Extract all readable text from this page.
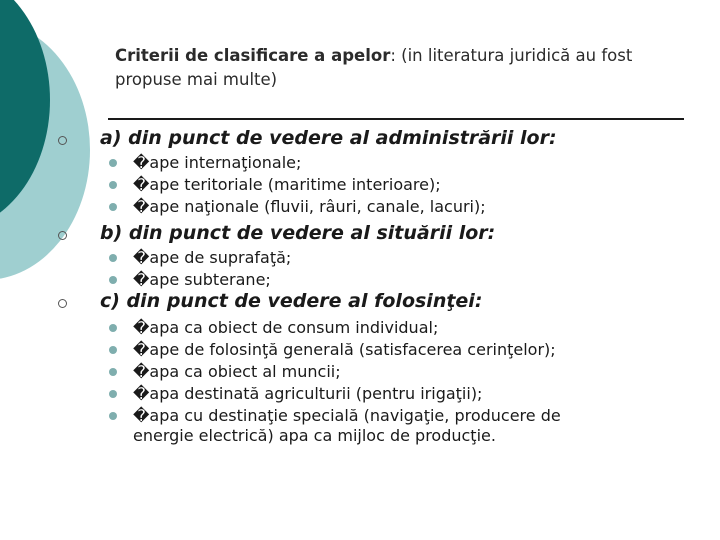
Criterii de clasificare a apelor: (in literatura juridică au fost propuse mai multe)
a) din punct de vedere al administrării lor:
�ape internaţionale;
�ape teritoriale (maritime interioare);
�ape naţionale (fluvii, râuri, canale, lacuri);
b) din punct de vedere al situării lor:
�ape de suprafaţă;
�ape subterane;
c) din punct de vedere al folosinţei:
�apa ca obiect de consum individual;
�ape de folosinţă generală (satisfacerea cerinţelor);
�apa ca obiect al muncii;
�apa destinată agriculturii (pentru irigaţii);
�apa cu destinaţie specială (navigaţie, producere de
energie electrică) apa ca mijloc de producţie.
